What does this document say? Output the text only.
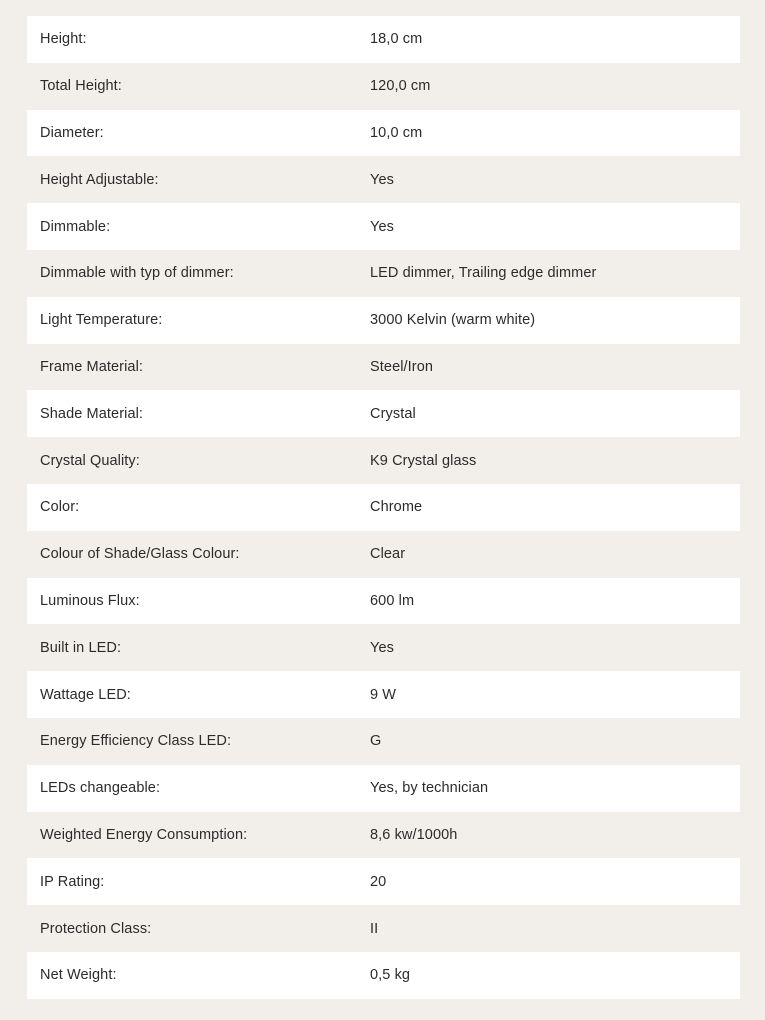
Height:	18,0 cm
Total Height:	120,0 cm
Diameter:	10,0 cm
Height Adjustable:	Yes
Dimmable:	Yes
Dimmable with typ of dimmer:	LED dimmer, Trailing edge dimmer
Light Temperature:	3000 Kelvin (warm white)
Frame Material:	Steel/Iron
Shade Material:	Crystal
Crystal Quality:	K9 Crystal glass
Color:	Chrome
Colour of Shade/Glass Colour:	Clear
Luminous Flux:	600 lm
Built in LED:	Yes
Wattage LED:	9 W
Energy Efficiency Class LED:	G
LEDs changeable:	Yes, by technician
Weighted Energy Consumption:	8,6 kw/1000h
IP Rating:	20
Protection Class:	II
Net Weight:	0,5 kg
